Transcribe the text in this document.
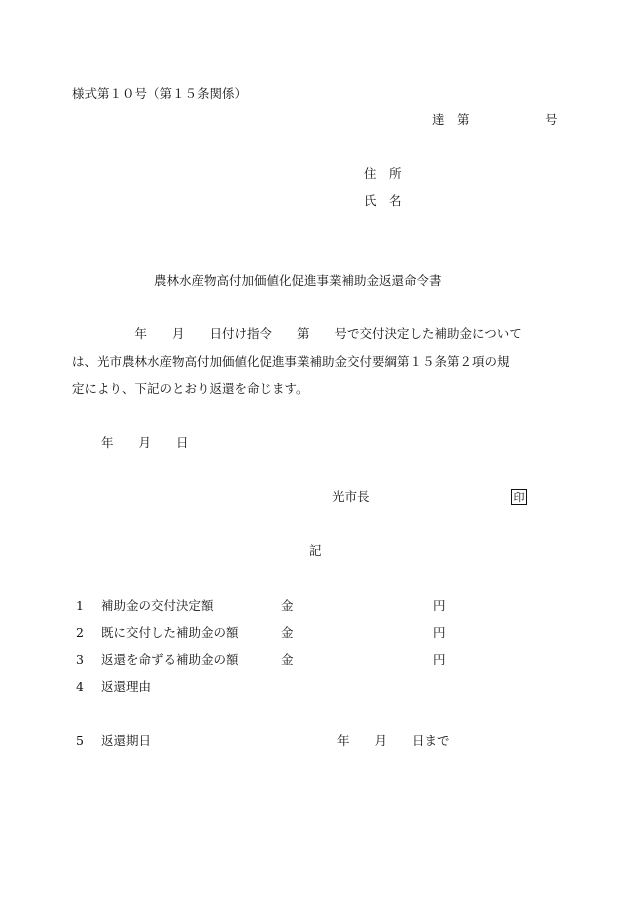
様式第１０号（第１５条関係）
達　第	号
住　所
氏　名
農林水産物高付加価値化促進事業補助金返還命令書
　　　　　年　　月　　日付け指令　　第　　号で交付決定した補助金について
は、光市農林水産物高付加価値化促進事業補助金交付要綱第１５条第２項の規
定により、下記のとおり返還を命じます。
年　　月　　日
光市長	印
記
1 補助金の交付決定額	金	円
2 既に交付した補助金の額	金	円
3 返還を命ずる補助金の額	金	円
4 返還理由
5 返還期日	年　　月　　日まで
